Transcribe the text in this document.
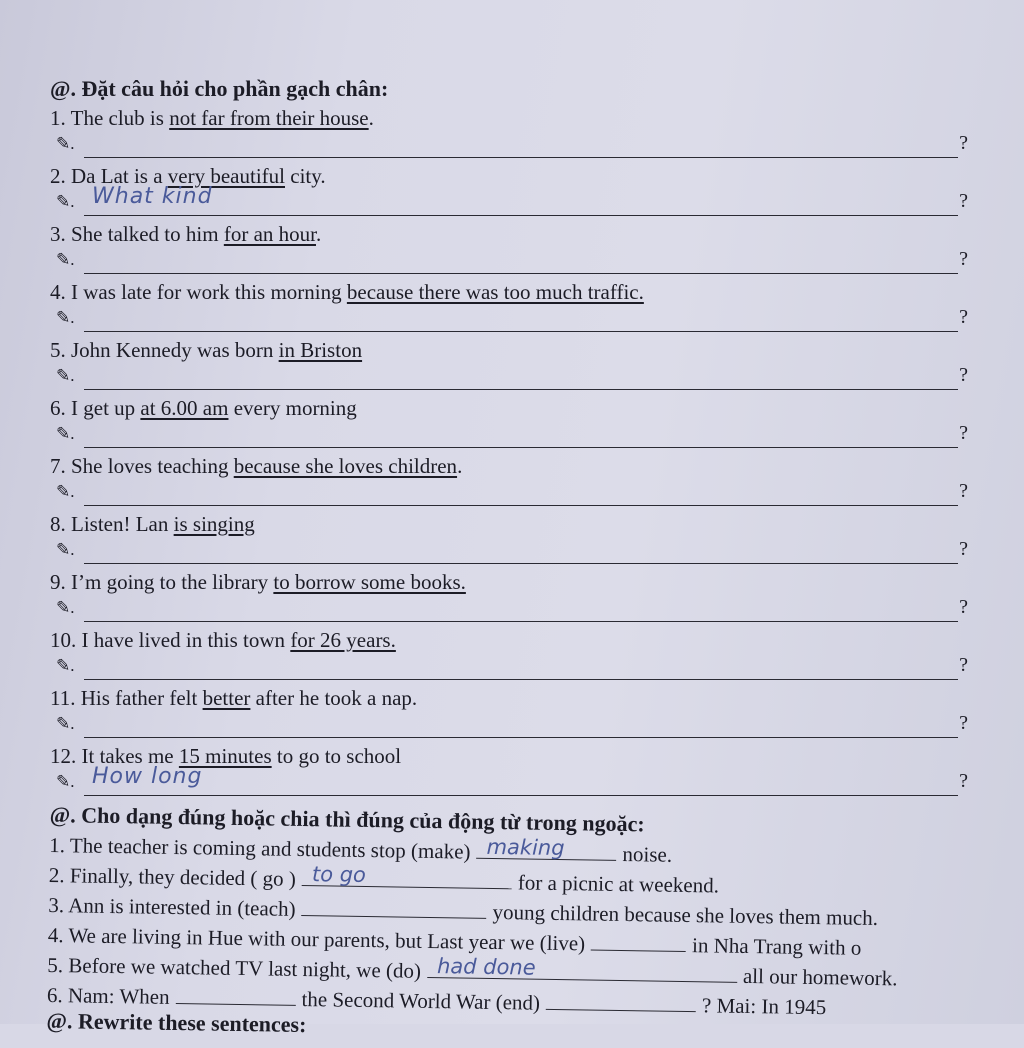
@. Đặt câu hỏi cho phần gạch chân:
1. The club is not far from their house.
✎.	?
2. Da Lat is a very beautiful city.
✎.	?
What kind
3. She talked to him for an hour.
✎.	?
4. I was late for work this morning because there was too much traffic.
✎.	?
5. John Kennedy was born in Briston
✎.	?
6. I get up at 6.00 am every morning
✎.	?
7. She loves teaching because she loves children.
✎.	?
8. Listen! Lan is singing
✎.	?
9. I’m going to the library to borrow some books.
✎.	?
10. I have lived in this town for 26 years.
✎.	?
11. His father felt better after he took a nap.
✎.	?
12. It takes me 15 minutes to go to school
✎.	?
How long
@. Cho dạng đúng hoặc chia thì đúng của động từ trong ngoặc:
1. The teacher is coming and students stop (make) making	noise.
2. Finally, they decided ( go ) to go	for a picnic at weekend.
3. Ann is interested in (teach)	young children because she loves them much.
4. We are living in Hue with our parents, but Last year we (live)	in Nha Trang with o
5. Before we watched TV last night, we (do) had done	all our homework.
6. Nam: When	the Second World War (end)	? Mai: In 1945
@. Rewrite these sentences:
